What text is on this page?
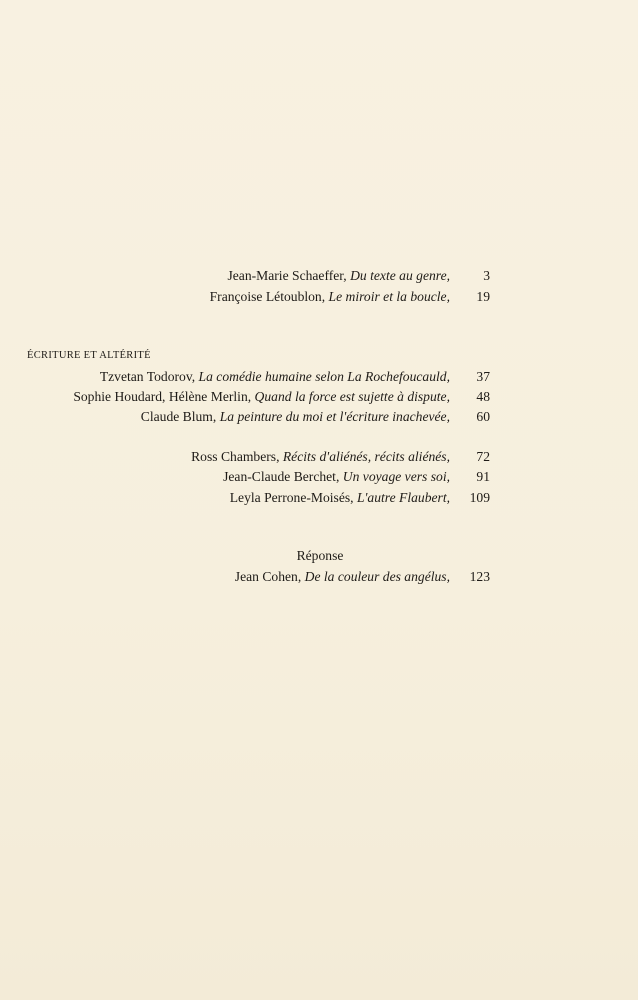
Jean-Marie Schaeffer, Du texte au genre,	3
Françoise Létoublon, Le miroir et la boucle,	19
ÉCRITURE ET ALTÉRITÉ
Tzvetan Todorov, La comédie humaine selon La Rochefoucauld,	37
Sophie Houdard, Hélène Merlin, Quand la force est sujette à dispute,	48
Claude Blum, La peinture du moi et l'écriture inachevée,	60
Ross Chambers, Récits d'aliénés, récits aliénés,	72
Jean-Claude Berchet, Un voyage vers soi,	91
Leyla Perrone-Moisés, L'autre Flaubert,	109
Réponse
Jean Cohen, De la couleur des angélus,	123
